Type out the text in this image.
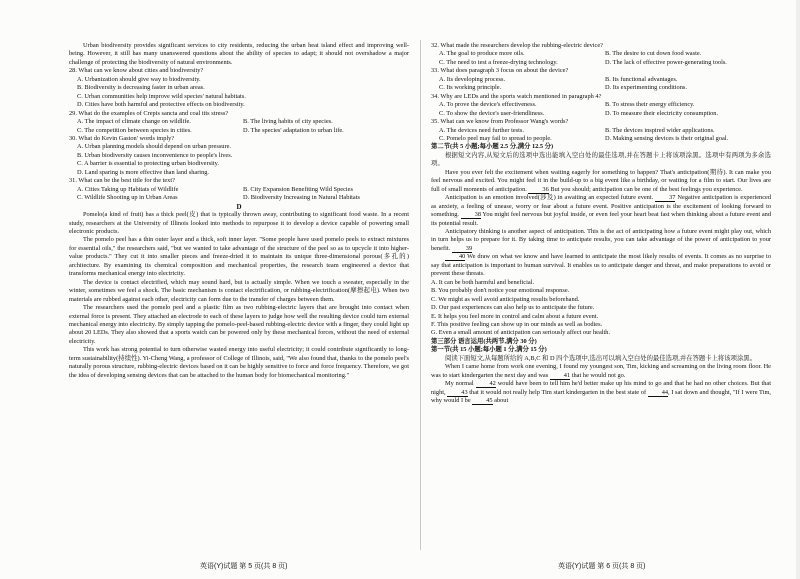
Urban biodiversity provides significant services to city residents, reducing the urban heat island effect and improving well-being. However, it still has many unanswered questions about the ability of species to adapt; it should not overshadow a major challenge of protecting the biodiversity of natural environments.

28. What can we know about cities and biodiversity?

A. Urbanization should give way to biodiversity.

B. Biodiversity is decreasing faster in urban areas.

C. Urban communities help improve wild species' natural habitats.

D. Cities have both harmful and protective effects on biodiversity.

29. What do the examples of Crepis sancta and coal tits stress?

A. The impact of climate change on wildlife.	B. The living habits of city species.
C. The competition between species in cities.	D. The species' adaptation to urban life.

30. What do Kevin Gaston' words imply?

A. Urban planning models should depend on urban pressure.

B. Urban biodiversity causes inconvenience to people's lives.

C. A barrier is essential to protecting urban biodiversity.

D. Land sparing is more effective than land sharing.

31. What can be the best title for the text?

A. Cities Taking up Habitats of Wildlife	B. City Expansion Benefiting Wild Species
C. Wildlife Shooting up in Urban Areas	D. Biodiversity Increasing in Natural Habitats

D

Pomelo(a kind of fruit) has a thick peel(皮) that is typically thrown away, contributing to significant food waste. In a recent study, researchers at the University of Illinois looked into methods to repurpose it to develop a device capable of powering small electronic products.

The pomelo peel has a thin outer layer and a thick, soft inner layer. "Some people have used pomelo peels to extract mixtures for essential oils," the researchers said, "but we wanted to take advantage of the structure of the peel so as to upcycle it into higher-value products." They cut it into smaller pieces and freeze-dried it to maintain its unique three-dimensional porous(多孔的) architecture. By examining its chemical composition and mechanical properties, the research team engineered a device that transforms mechanical energy into electricity.

The device is contact electrified, which may sound hard, but is actually simple. When we touch a sweater, especially in the winter, sometimes we feel a shock. The basic mechanism is contact electrification, or rubbing-electrification(摩擦起电). When two materials are rubbed against each other, electricity can form due to the transfer of charges between them.

The researchers used the pomelo peel and a plastic film as two rubbing-electric layers that are brought into contact when external force is present. They attached an electrode to each of these layers to judge how well the resulting device could turn external mechanical energy into electricity. By simply tapping the pomelo-peel-based rubbing-electric device with a finger, they could light up about 20 LEDs. They also showed that a sports watch can be powered only by these mechanical forces, without the need of external electricity.

This work has strong potential to turn otherwise wasted energy into useful electricity; it could contribute significantly to long-term sustainability(持续性). Yi-Cheng Wang, a professor of College of Illinois, said, "We also found that, thanks to the pomelo peel's naturally porous structure, rubbing-electric devices based on it can be highly sensitive to force and force frequency. Therefore, we got the idea of developing sensing devices that can be attached to the human body for biomechanical monitoring."

32. What made the researchers develop the rubbing-electric device?

A. The goal to produce more oils.	B. The desire to cut down food waste.
C. The need to test a freeze-drying technology.	D. The lack of effective power-generating tools.

33. What does paragraph 3 focus on about the device?

A. Its developing process.	B. Its functional advantages.
C. Its working principle.	D. Its experimenting conditions.

34. Why are LEDs and the sports watch mentioned in paragraph 4?

A. To prove the device's effectiveness.	B. To stress their energy efficiency.
C. To show the device's user-friendliness.	D. To measure their electricity consumption.

35. What can we know from Professor Wang's words?

A. The devices need further tests.	B. The devices inspired wider applications.
C. Pomelo peel may fail to spread to people.	D. Making sensing devices is their original goal.

第二节(共 5 小题;每小题 2.5 分,满分 12.5 分)

根据短文内容,从短文后的选项中选出能填入空白处的最佳选项,并在答题卡上将该项涂黑。选项中有两项为多余选项。

Have you ever felt the excitement when waiting eagerly for something to happen? That's anticipation(期待). It can make you feel nervous and excited. You might feel it in the build-up to a big event like a birthday, or waiting for a film to start. Our lives are full of small moments of anticipation. 36 But you should; anticipation can be one of the best feelings you experience.

Anticipation is an emotion involved(涉及) in awaiting an expected future event. 37 Negative anticipation is experienced as anxiety, a feeling of unease, worry or fear about a future event. Positive anticipation is the excitement of looking forward to something. 38 You might feel nervous but joyful inside, or even feel your heart beat fast when thinking about a future event and its potential result.

Anticipatory thinking is another aspect of anticipation. This is the act of anticipating how a future event might play out, which in turn helps us to prepare for it. By taking time to anticipate results, you can take advantage of the power of anticipation to your benefit. 39

40 We draw on what we know and have learned to anticipate the most likely results of events. It comes as no surprise to say that anticipation is important to human survival. It enables us to anticipate danger and threat, and make preparations to avoid or prevent these threats.

A. It can be both harmful and beneficial.

B. You probably don't notice your emotional response.

C. We might as well avoid anticipating results beforehand.

D. Our past experiences can also help us to anticipate the future.

E. It helps you feel more in control and calm about a future event.

F. This positive feeling can show up in our minds as well as bodies.

G. Even a small amount of anticipation can seriously affect our health.

第三部分 语言运用(共两节,满分 30 分)

第一节(共 15 小题;每小题 1 分,满分 15 分)

阅读下面短文,从每题所给的 A,B,C 和 D 四个选项中,选出可以填入空白处的最佳选项,并在答题卡上将该项涂黑。

When I came home from work one evening, I found my youngest son, Tim, kicking and screaming on the living room floor. He was to start kindergarten the next day and was 41 that he would not go.

My normal 42 would have been to tell him he'd better make up his mind to go and that he had no other choices. But that night, 43 that it would not really help Tim start kindergarten in the best state of 44, I sat down and thought, "If I were Tim, why would I be 45 about

英语(Y)试题 第 5 页(共 8 页)	英语(Y)试题 第 6 页(共 8 页)
